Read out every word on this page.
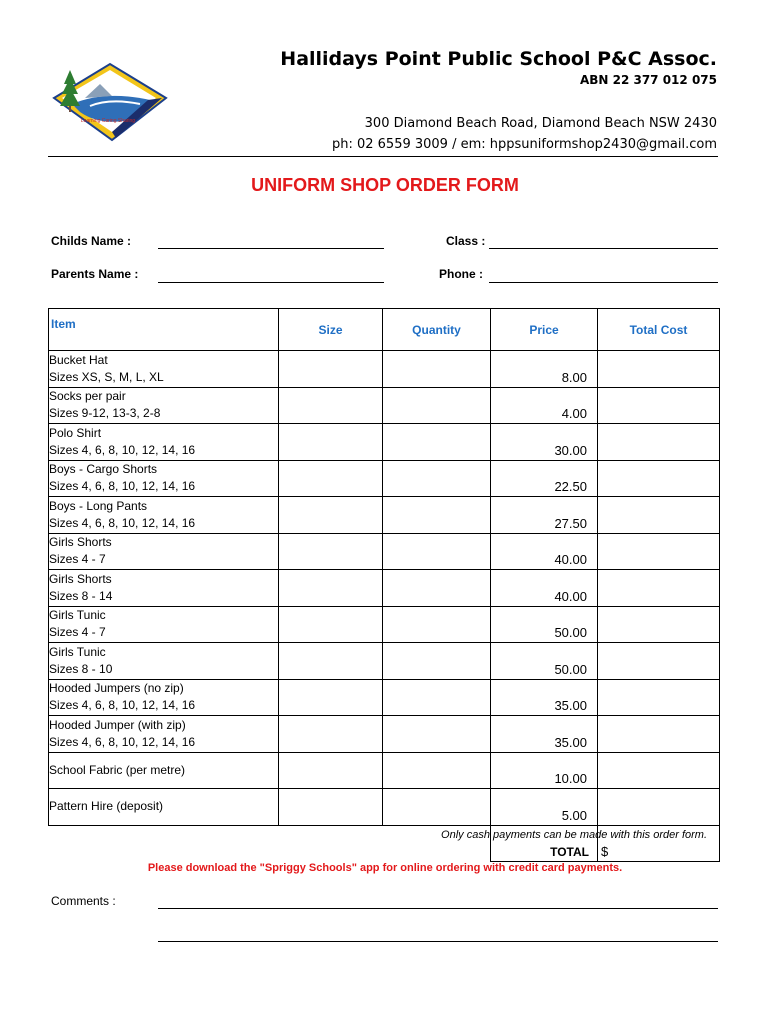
Learning Caring Sharing
Hallidays Point Public School P&C Assoc.
ABN 22 377 012 075
300 Diamond Beach Road, Diamond Beach NSW 2430
ph: 02 6559 3009 / em: hppsuniformshop2430@gmail.com
UNIFORM SHOP ORDER FORM
Childs Name :	Class :
Parents Name :	Phone :
Item	Size	Quantity	Price	Total Cost

Bucket Hat
Sizes XS, S, M, L, XL			8.00	

Socks per pair
Sizes 9-12, 13-3, 2-8			4.00	

Polo Shirt
Sizes 4, 6, 8, 10, 12, 14, 16			30.00	

Boys - Cargo Shorts
Sizes 4, 6, 8, 10, 12, 14, 16			22.50	

Boys - Long Pants
Sizes 4, 6, 8, 10, 12, 14, 16			27.50	

Girls Shorts
Sizes 4 - 7			40.00	

Girls Shorts
Sizes 8 - 14			40.00	

Girls Tunic
Sizes 4 - 7			50.00	

Girls Tunic
Sizes 8 - 10			50.00	

Hooded Jumpers (no zip)
Sizes 4, 6, 8, 10, 12, 14, 16			35.00	

Hooded Jumper (with zip)
Sizes 4, 6, 8, 10, 12, 14, 16			35.00	

School Fabric (per metre)			10.00	

Pattern Hire (deposit)			5.00	
			TOTAL	$
Only cash payments can be made with this order form.
Please download the "Spriggy Schools" app for online ordering with credit card payments.
Comments :
